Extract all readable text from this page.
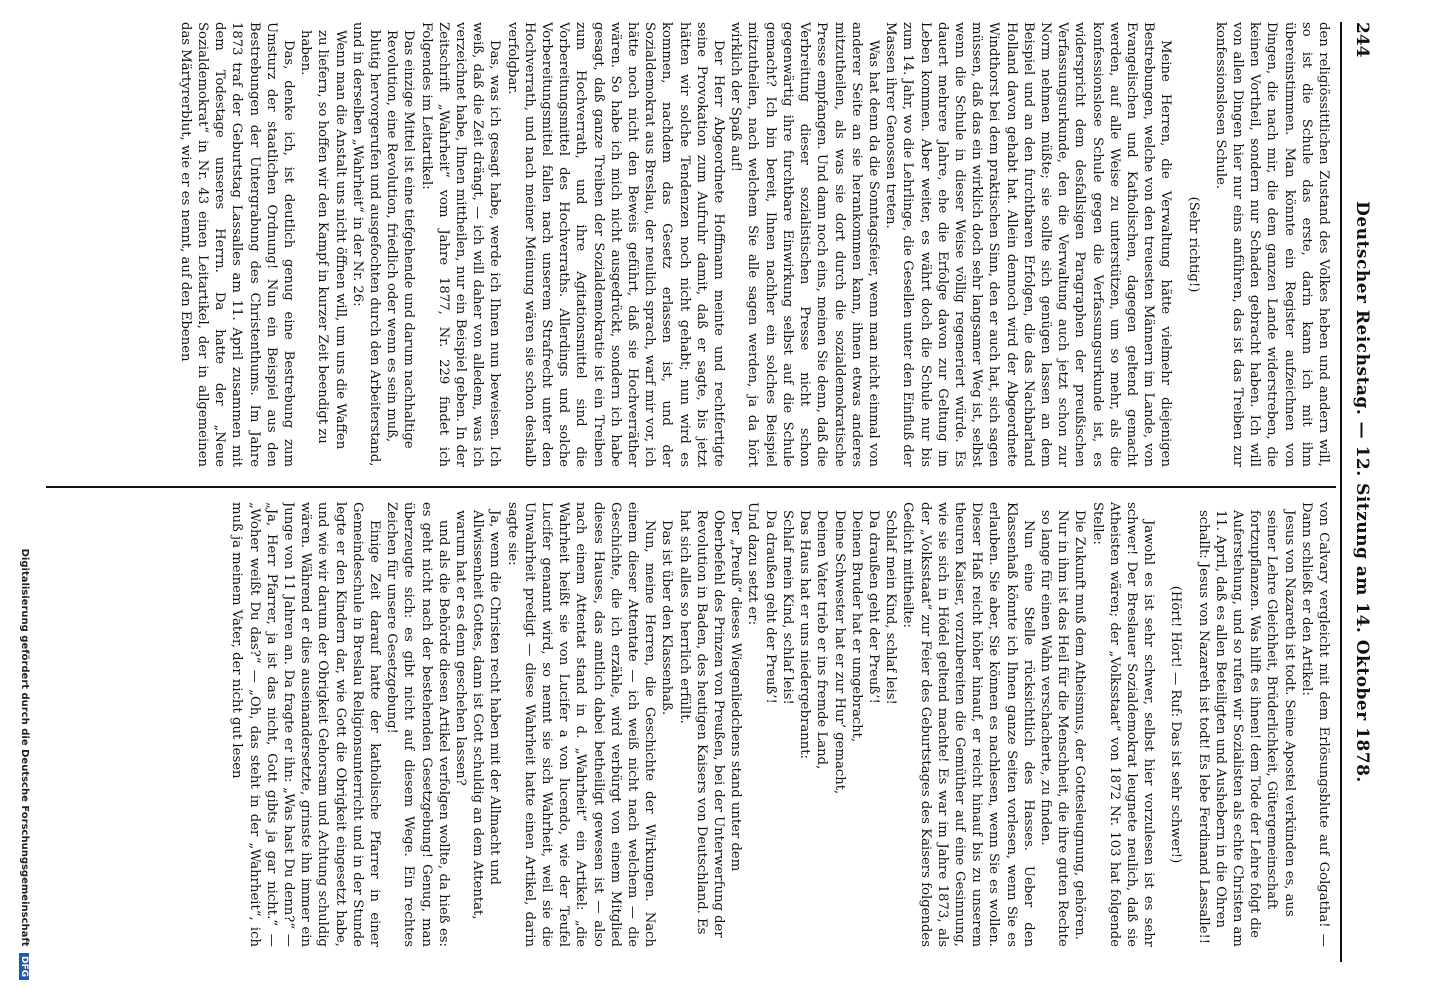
244
Deutscher Reichstag. — 12. Sitzung am 14. Oktober 1878.

den religiössittlichen Zustand des Volkes heben und andern will, so ist die Schule das erste, darin kann ich mit ihm übereinstimmen. Man könnte ein Register aufzeichnen von Dingen, die nach mir, die dem ganzen Lande widerstreben, die keinen Vortheil, sondern nur Schaden gebracht haben. Ich will von allen Dingen hier nur eins anführen, das ist das Treiben zur konfessionslosen Schule.

(Sehr richtig!)

Meine Herren, die Verwaltung hätte vielmehr diejenigen Bestrebungen, welche von den treuesten Männern im Lande, von Evangelischen und Katholischen, dagegen geltend gemacht werden, auf alle Weise zu unterstützen, um so mehr, als die konfessionslose Schule gegen die Verfassungsurkunde ist, es widerspricht dem desfallsigen Paragraphen der preußischen Verfassungsurkunde, den die Verwaltung auch jetzt schon zur Norm nehmen müßte; sie sollte sich genügen lassen an dem Beispiel und an den furchtbaren Erfolgen, die das Nachbarland Holland davon gehabt hat. Allein dennoch wird der Abgeordnete Windthorst bei dem praktischen Sinn, den er auch hat, sich sagen müssen, daß das ein wirklich doch sehr langsamer Weg ist, selbst wenn die Schule in dieser Weise völlig regeneriert würde. Es dauert mehrere Jahre, ehe die Erfolge davon zur Geltung im Leben kommen. Aber weiter, es währt doch die Schule nur bis zum 14. Jahr, wo die Lehrlinge, die Gesellen unter den Einfluß der Massen ihrer Genossen treten.

Was hat denn da die Sonntagsfeier, wenn man nicht einmal von anderer Seite an sie herankommen kann, ihnen etwas anderes mitzutheilen, als was sie dort durch die sozialdemokratische Presse empfangen. Und dann noch eins, meinen Sie denn, daß die Verbreitung dieser sozialistischen Presse nicht schon gegenwärtig ihre furchtbare Einwirkung selbst auf die Schule gemacht? Ich bin bereit, Ihnen nachher ein solches Beispiel mitzutheilen, nach welchem Sie alle sagen werden, ja da hört wirklich der Spaß auf!

Der Herr Abgeordnete Hoffmann meinte und rechtfertigte seine Provokation zum Aufruhr damit, daß er sagte, bis jetzt hätten wir solche Tendenzen noch nicht gehabt; nun wird es kommen, nachdem das Gesetz erlassen ist, und der Sozialdemokrat aus Breslau, der neulich sprach, warf mir vor, ich hätte noch nicht den Beweis geführt, daß sie Hochverräther wären. So habe ich mich nicht ausgedrückt, sondern ich habe gesagt, daß ganze Treiben der Sozialdemokratie ist ein Treiben zum Hochverrath, und ihre Agitationsmittel sind die Vorbereitungsmittel des Hochverraths. Allerdings und solche Vorbereitungsmittel fallen nach unserem Strafrecht unter den Hochverrath, und nach meiner Meinung wären sie schon deshalb verfolgbar.

Das, was ich gesagt habe, werde ich Ihnen nun beweisen. Ich weiß, daß die Zeit drängt, — ich will daher von alledem, was ich verzeichnet habe, Ihnen mittheilen, nur ein Beispiel geben. In der Zeitschrift „Wahrheit“ vom Jahre 1877, Nr. 229 findet ich Folgendes im Leitartikel:

Das einzige Mittel ist eine tiefgehende und darum nachhaltige Revolution, eine Revolution, friedlich oder wenn es sein muß, blutig hervorgerufen und ausgefochten durch den Arbeiterstand,

und in derselben „Wahrheit“ in der Nr. 26:

Wenn man die Anstalt uns nicht öffnen will, um uns die Waffen zu liefern, so hoffen wir den Kampf in kurzer Zeit beendigt zu haben.

Das, denke ich, ist deutlich genug eine Bestrebung zum Umsturz der staatlichen Ordnung! Nun ein Beispiel aus den Bestrebungen der Untergrabung des Christenthums. Im Jahre 1873 traf der Geburtstag Lassalles am 11. April zusammen mit dem Todestage unseres Herrn. Da hatte der „Neue Sozialdemokrat“ in Nr. 43 einen Leitartikel, der in allgemeinen das Märtyrerblut, wie er es nennt, auf den Ebenen

von Calvary vergleicht mit dem Erlösungsblute auf Golgatha! — Dann schließt er den Artikel:

Jesus von Nazareth ist todt. Seine Apostel verkünden es, aus seiner Lehre Gleichheit, Brüderlichkeit, Gütergemeinschaft fortzupflanzen. Was hilft es ihnen! dem Tode der Lehre folgt die Auferstehung, und so rufen wir Sozialisten als echte Christen am 11. April, daß es allen Beteiligten und Aushebern in die Ohren schallt: Jesus von Nazareth ist todt! Es lebe Ferdinand Lassalle!!

(Hört! Hört! — Ruf: Das ist sehr schwer!)

Jawohl es ist sehr schwer, selbst hier vorzulesen ist es sehr schwer! Der Breslauer Sozialdemokrat leugnete neulich, daß sie Atheisten wären; der „Volksstaat“ von 1872 Nr. 103 hat folgende Stelle:

Die Zukunft muß dem Atheismus, der Gottesleugnung, gehören. Nur in ihm ist das Heil für die Menschheit, die ihre guten Rechte so lange für einen Wahn verschacherte, zu finden.

Nun eine Stelle rücksichtlich des Hasses. Ueber den Klassenhaß könnte ich Ihnen ganze Seiten vorlesen, wenn Sie es erlauben. Sie aber, Sie können es nachlesen, wenn Sie es wollen. Dieser Haß reicht höher hinauf, er reicht hinauf bis zu unserem theuren Kaiser, vorzubereiten die Gemüther auf eine Gesinnung, wie sie sich in Hödel geltend machte! Es war im Jahre 1873, als der „Volksstaat“ zur Feier des Geburtstages des Kaisers folgendes Gedicht mittheilte:

Schlaf mein Kind, schlaf leis!

Da draußen geht der Preuß’!

Deinen Bruder hat er umgebracht,

Deine Schwester hat er zur Hur’ gemacht,

Deinen Vater trieb er ins fremde Land,

Das Haus hat er uns niedergebrannt:

Schlaf mein Kind, schlaf leis!

Da draußen geht der Preuß’!

Und dazu setzt er:

Der „Preuß“ dieses Wiegenliedchens stand unter dem Oberbefehl des Prinzen von Preußen, bei der Unterwerfung der Revolution in Baden, des heutigen Kaisers von Deutschland. Es hat sich alles so herrlich erfüllt.

Das ist über den Klassenhaß.

Nun, meine Herren, die Geschichte der Wirkungen. Nach einem dieser Attentate — ich weiß nicht nach welchem — die Geschichte, die ich erzähle, wird verbürgt von einem Mitglied dieses Hauses, das amtlich dabei betheiligt gewesen ist — also nach einem Attentat stand in d. „Wahrheit“ ein Artikel: „die Wahrheit heißt sie von Lucifer a von lucendo, wie der Teufel Lucifer genannt wird, so nennt sie sich Wahrheit, weil sie die Unwahrheit predigt — diese Wahrheit hatte einen Artikel, darin sagte sie:

Ja, wenn die Christen recht haben mit der Allmacht und Allwissenheit Gottes, dann ist Gott schuldig an dem Attentat, warum hat er es denn geschehen lassen?

und als die Behörde diesen Artikel verfolgen wollte, da hieß es: es geht nicht nach der bestehenden Gesetzgebung! Genug, man überzeugte sich: es gibt nicht auf diesem Wege. Ein rechtes Zeichen für unsere Gesetzgebung!

Einige Zeit darauf hatte der katholische Pfarrer in einer Gemeindeschule in Breslau Religionsunterricht und in der Stunde legte er den Kindern dar, wie Gott die Obrigkeit eingesetzt habe, und wie wir darum der Obrigkeit Gehorsam und Achtung schuldig wären. Während er dies auseinandersetzte, grinste ihn immer ein Junge von 11 Jahren an. Da fragte er ihn: „Was hast Du denn?“ — „Ja, Herr Pfarrer, ja ist das nicht, Gott gibts ja gar nicht.“ — „Woher weißt Du das?“ — „Oh, das steht in der „Wahrheit“, ich muß ja meinem Vater, der nicht gut lesen

Digitalisierung gefördert durch die Deutsche Forschungsgemeinschaft DFG
